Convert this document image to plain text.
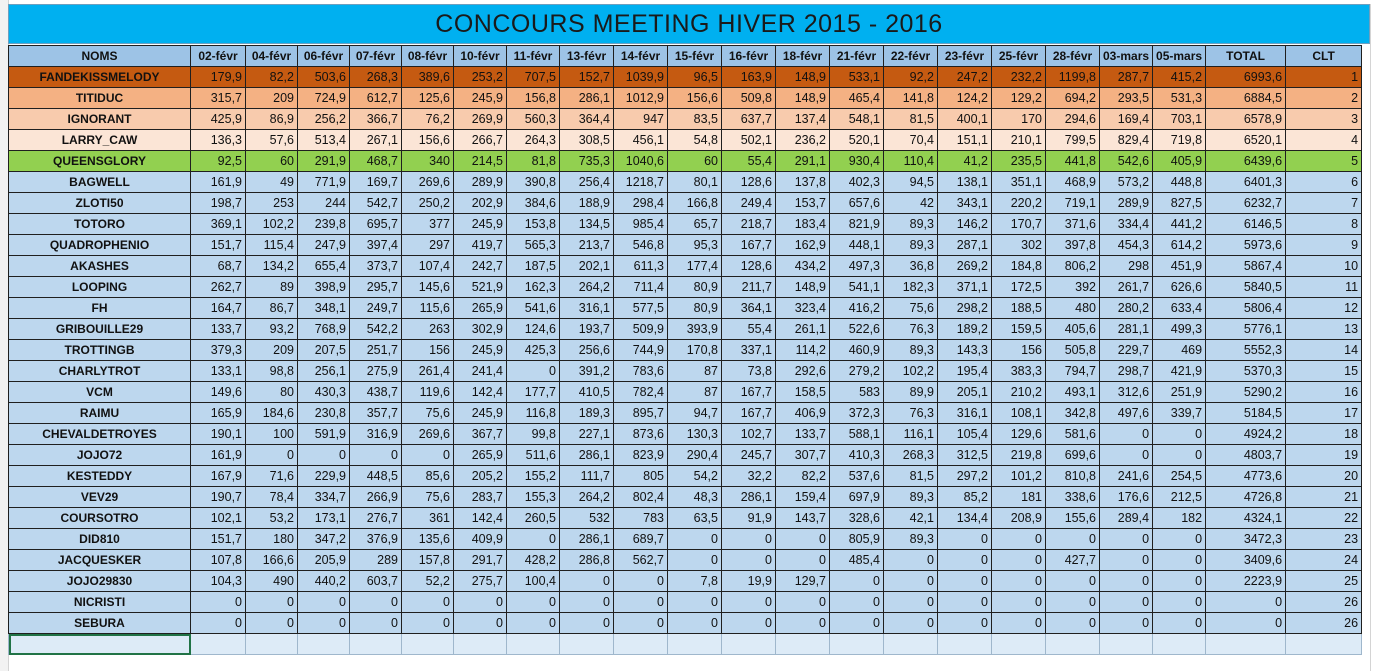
CONCOURS MEETING HIVER 2015 - 2016
NOMS	02-févr	04-févr	06-févr	07-févr	08-févr	10-févr	11-févr	13-févr	14-févr	15-févr	16-févr	18-févr	21-févr	22-févr	23-févr	25-févr	28-févr	03-mars	05-mars	TOTAL	CLT
FANDEKISSMELODY	179,9	82,2	503,6	268,3	389,6	253,2	707,5	152,7	1039,9	96,5	163,9	148,9	533,1	92,2	247,2	232,2	1199,8	287,7	415,2	6993,6	1
TITIDUC	315,7	209	724,9	612,7	125,6	245,9	156,8	286,1	1012,9	156,6	509,8	148,9	465,4	141,8	124,2	129,2	694,2	293,5	531,3	6884,5	2
IGNORANT	425,9	86,9	256,2	366,7	76,2	269,9	560,3	364,4	947	83,5	637,7	137,4	548,1	81,5	400,1	170	294,6	169,4	703,1	6578,9	3
LARRY_CAW	136,3	57,6	513,4	267,1	156,6	266,7	264,3	308,5	456,1	54,8	502,1	236,2	520,1	70,4	151,1	210,1	799,5	829,4	719,8	6520,1	4
QUEENSGLORY	92,5	60	291,9	468,7	340	214,5	81,8	735,3	1040,6	60	55,4	291,1	930,4	110,4	41,2	235,5	441,8	542,6	405,9	6439,6	5
BAGWELL	161,9	49	771,9	169,7	269,6	289,9	390,8	256,4	1218,7	80,1	128,6	137,8	402,3	94,5	138,1	351,1	468,9	573,2	448,8	6401,3	6
ZLOTI50	198,7	253	244	542,7	250,2	202,9	384,6	188,9	298,4	166,8	249,4	153,7	657,6	42	343,1	220,2	719,1	289,9	827,5	6232,7	7
TOTORO	369,1	102,2	239,8	695,7	377	245,9	153,8	134,5	985,4	65,7	218,7	183,4	821,9	89,3	146,2	170,7	371,6	334,4	441,2	6146,5	8
QUADROPHENIO	151,7	115,4	247,9	397,4	297	419,7	565,3	213,7	546,8	95,3	167,7	162,9	448,1	89,3	287,1	302	397,8	454,3	614,2	5973,6	9
AKASHES	68,7	134,2	655,4	373,7	107,4	242,7	187,5	202,1	611,3	177,4	128,6	434,2	497,3	36,8	269,2	184,8	806,2	298	451,9	5867,4	10
LOOPING	262,7	89	398,9	295,7	145,6	521,9	162,3	264,2	711,4	80,9	211,7	148,9	541,1	182,3	371,1	172,5	392	261,7	626,6	5840,5	11
FH	164,7	86,7	348,1	249,7	115,6	265,9	541,6	316,1	577,5	80,9	364,1	323,4	416,2	75,6	298,2	188,5	480	280,2	633,4	5806,4	12
GRIBOUILLE29	133,7	93,2	768,9	542,2	263	302,9	124,6	193,7	509,9	393,9	55,4	261,1	522,6	76,3	189,2	159,5	405,6	281,1	499,3	5776,1	13
TROTTINGB	379,3	209	207,5	251,7	156	245,9	425,3	256,6	744,9	170,8	337,1	114,2	460,9	89,3	143,3	156	505,8	229,7	469	5552,3	14
CHARLYTROT	133,1	98,8	256,1	275,9	261,4	241,4	0	391,2	783,6	87	73,8	292,6	279,2	102,2	195,4	383,3	794,7	298,7	421,9	5370,3	15
VCM	149,6	80	430,3	438,7	119,6	142,4	177,7	410,5	782,4	87	167,7	158,5	583	89,9	205,1	210,2	493,1	312,6	251,9	5290,2	16
RAIMU	165,9	184,6	230,8	357,7	75,6	245,9	116,8	189,3	895,7	94,7	167,7	406,9	372,3	76,3	316,1	108,1	342,8	497,6	339,7	5184,5	17
CHEVALDETROYES	190,1	100	591,9	316,9	269,6	367,7	99,8	227,1	873,6	130,3	102,7	133,7	588,1	116,1	105,4	129,6	581,6	0	0	4924,2	18
JOJO72	161,9	0	0	0	0	265,9	511,6	286,1	823,9	290,4	245,7	307,7	410,3	268,3	312,5	219,8	699,6	0	0	4803,7	19
KESTEDDY	167,9	71,6	229,9	448,5	85,6	205,2	155,2	111,7	805	54,2	32,2	82,2	537,6	81,5	297,2	101,2	810,8	241,6	254,5	4773,6	20
VEV29	190,7	78,4	334,7	266,9	75,6	283,7	155,3	264,2	802,4	48,3	286,1	159,4	697,9	89,3	85,2	181	338,6	176,6	212,5	4726,8	21
COURSOTRO	102,1	53,2	173,1	276,7	361	142,4	260,5	532	783	63,5	91,9	143,7	328,6	42,1	134,4	208,9	155,6	289,4	182	4324,1	22
DID810	151,7	180	347,2	376,9	135,6	409,9	0	286,1	689,7	0	0	0	805,9	89,3	0	0	0	0	0	3472,3	23
JACQUESKER	107,8	166,6	205,9	289	157,8	291,7	428,2	286,8	562,7	0	0	0	485,4	0	0	0	427,7	0	0	3409,6	24
JOJO29830	104,3	490	440,2	603,7	52,2	275,7	100,4	0	0	7,8	19,9	129,7	0	0	0	0	0	0	0	2223,9	25
NICRISTI	0	0	0	0	0	0	0	0	0	0	0	0	0	0	0	0	0	0	0	0	26
SEBURA	0	0	0	0	0	0	0	0	0	0	0	0	0	0	0	0	0	0	0	0	26
